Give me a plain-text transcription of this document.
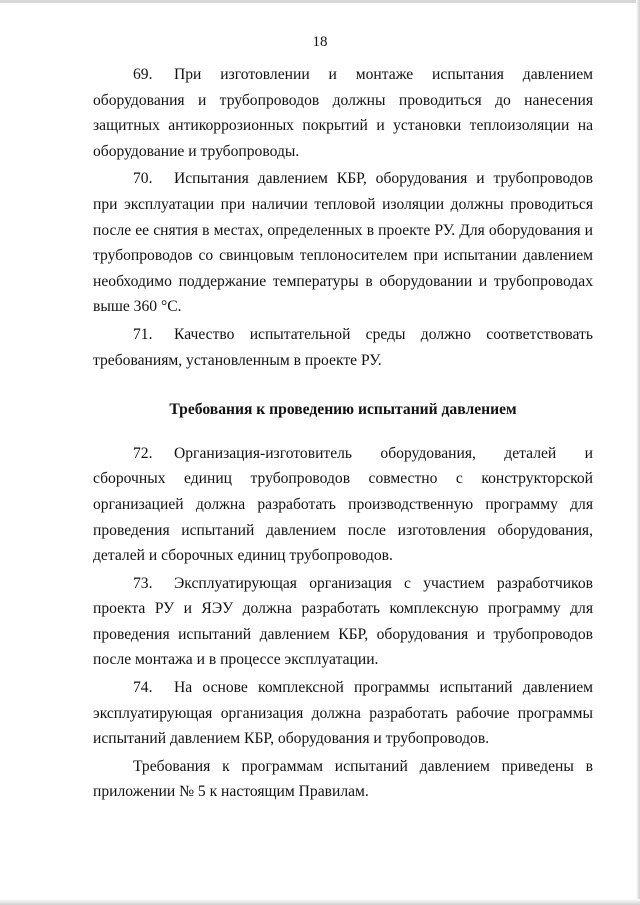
18

69. При изготовлении и монтаже испытания давлением оборудования и трубопроводов должны проводиться до нанесения защитных антикоррозионных покрытий и установки теплоизоляции на оборудование и трубопроводы.

70. Испытания давлением КБР, оборудования и трубопроводов при эксплуатации при наличии тепловой изоляции должны проводиться после ее снятия в местах, определенных в проекте РУ. Для оборудования и трубопроводов со свинцовым теплоносителем при испытании давлением необходимо поддержание температуры в оборудовании и трубопроводах выше 360 °С.

71. Качество испытательной среды должно соответствовать требованиям, установленным в проекте РУ.

Требования к проведению испытаний давлением

72. Организация-изготовитель оборудования, деталей и сборочных единиц трубопроводов совместно с конструкторской организацией должна разработать производственную программу для проведения испытаний давлением после изготовления оборудования, деталей и сборочных единиц трубопроводов.

73. Эксплуатирующая организация с участием разработчиков проекта РУ и ЯЭУ должна разработать комплексную программу для проведения испытаний давлением КБР, оборудования и трубопроводов после монтажа и в процессе эксплуатации.

74. На основе комплексной программы испытаний давлением эксплуатирующая организация должна разработать рабочие программы испытаний давлением КБР, оборудования и трубопроводов.

Требования к программам испытаний давлением приведены в приложении № 5 к настоящим Правилам.
